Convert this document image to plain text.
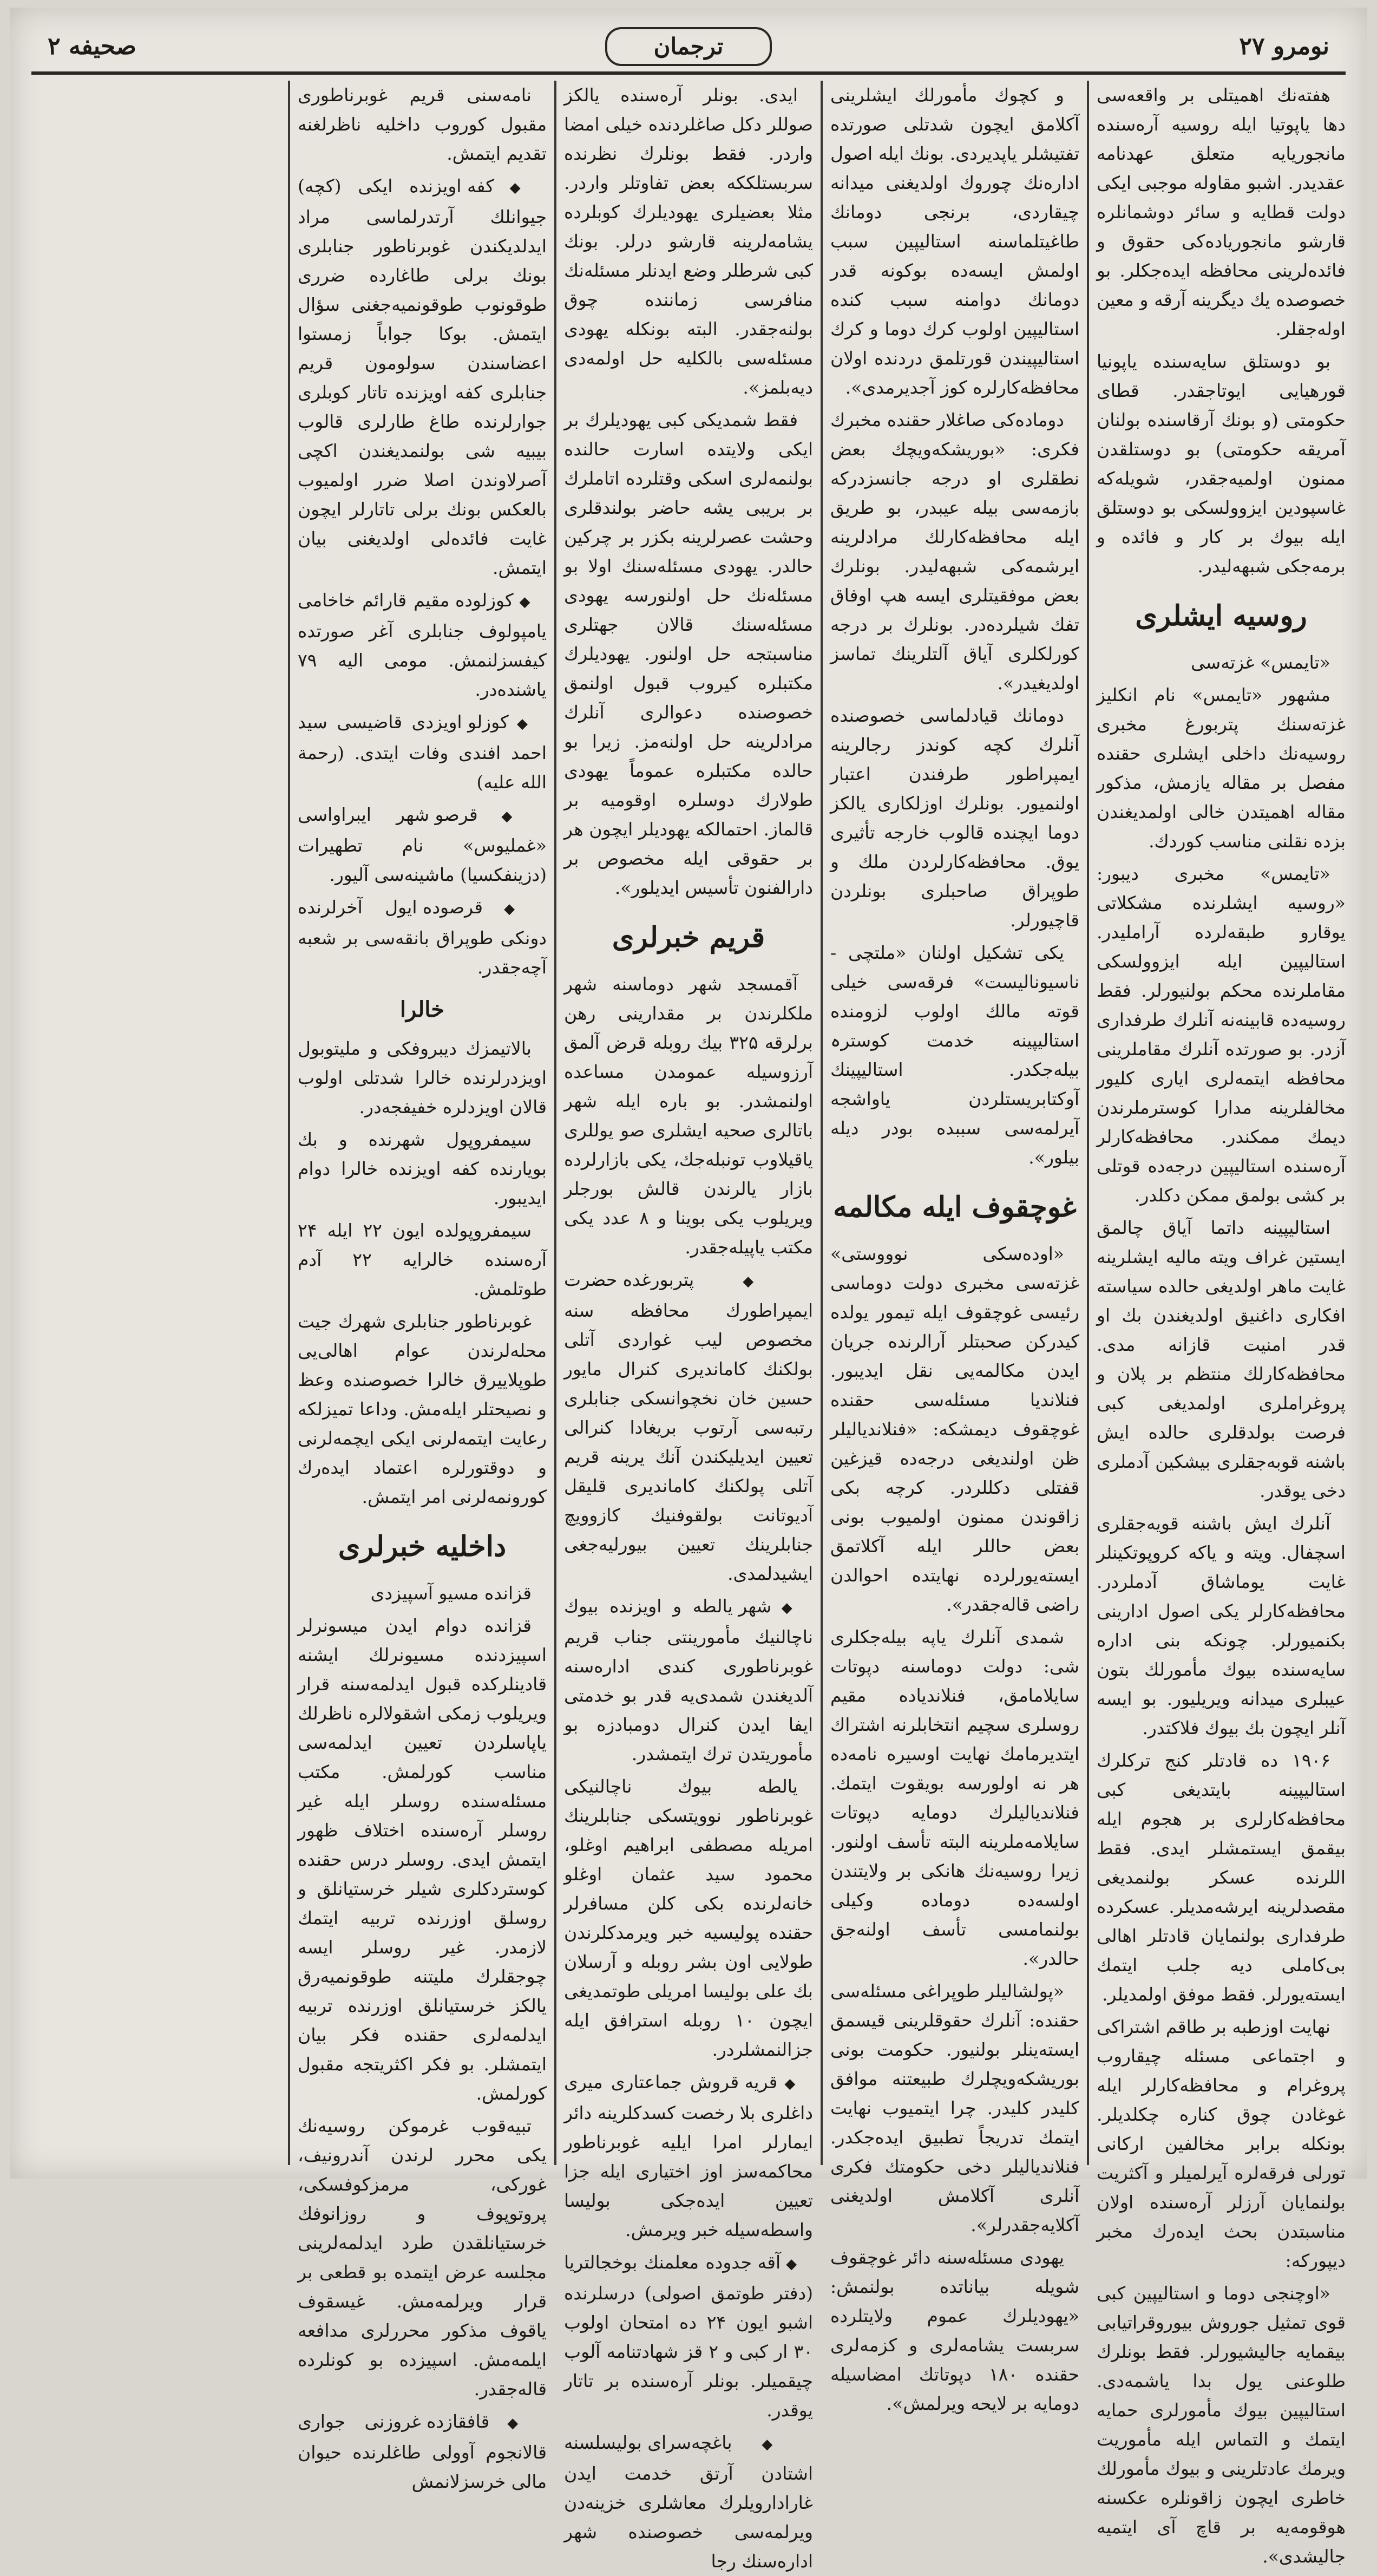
نومرو ۲۷
ترجمان
صحیفه ۲

هفته‌نك اهمیتلی بر واقعه‌سی دها یاپوتیا ایله روسیه آره‌سنده مانجوریایه متعلق عهدنامه عقدیدر. اشبو مقاوله موجبی ایکی دولت قطایه و سائر دوشمانلره قارشو مانجوریاده‌کی حقوق و فائده‌لرینی محافظه ایده‌جکلر. بو خصوصده یك دیگرینه آرقه و معین اوله‌جقلر.

بو دوستلق سایه‌سنده یاپونیا قورهیایی ایوتاجقدر. قطای حکومتی (و بونك آرقاسنده بولنان آمریقه حکومتی) بو دوستلقدن ممنون اولمیه‌جقدر، شویله‌که غاسپودین ایزوولسکی بو دوستلق ایله بیوك بر کار و فائده و برمه‌جکی شبهه‌لیدر.

روسیه ایشلری

«تایمس» غزته‌سی

مشهور «تایمس» نام انکلیز غزته‌سنك پتربورغ مخبری روسیه‌نك داخلی ایشلری حقنده مفصل بر مقاله یازمش، مذکور مقاله اهمیتدن خالی اولمدیغندن بزده نقلنی مناسب کوردك.

«تایمس» مخبری دیبور: «روسیه ایشلرنده مشکلاتی یوقارو طبقه‌لرده آراملیدر. استالیپین ایله ایزوولسکی مقاملرنده محکم بولنیورلر. فقط روسیه‌ده قابینه‌نه آنلرك طرفداری آزدر. بو صورتده آنلرك مقاملرینی محافظه ایتمه‌لری ایاری کلیور مخالفلرینه مدارا کوسترملرندن دیمك ممکندر. محافظه‌کارلر آره‌سنده استالیپین درجه‌ده قوتلی بر کشی بولمق ممکن دکلدر.

استالیپینه داتما آیاق چالمق ایستین غراف ویته ماليه ایشلرینه غایت ماهر اولدیغی حالده سیاسته افکاری داغنیق اولدیغندن بك او قدر امنیت قازانه مدی. محافظه‌کارلك منتظم بر پلان و پروغراملری اولمدیغی کبی فرصت بولدقلری حالده ایش باشنه قوبه‌جقلری بیشکین آدملری دخی یوقدر.

آنلرك ایش باشنه قویه‌جقلری اسچفال. ویته و یاکه کروپوتکینلر غایت یوماشاق آدملردر. محافظه‌کارلر یکی اصول ادارینی بکنمیورلر. چونکه بنی اداره سایه‌سنده بیوك مأمورلك بتون عیبلری میدانه ویریلیور. بو ایسه آنلر ایچون بك بیوك فلاکتدر.

۱۹۰۶ ده قادتلر کنج ترکلرك استالیپینه بایتدیغی کبی محافظه‌کارلری بر هجوم ایله بیقمق ایستمشلر ایدی. فقط اللرنده عسکر بولنمدیغی مقصدلرینه ایرشه‌مدیلر. عسکرده طرفداری بولنمایان قادتلر اهالی بی‌کاملی دیه جلب ایتمك ایسته‌یورلر. فقط موفق اولمدیلر.

نهایت اوزطبه بر طاقم اشتراکی و اجتماعی مسئله چیقاروب پروغرام و محافظه‌کارلر ایله غوغادن چوق کناره چکلدیلر. بونکله برابر مخالفین ارکانی تورلی فرقه‌لره آیرلمیلر و آکثریت بولنمایان آرزلر آره‌سنده اولان مناسبتدن بحث ایده‌رك مخبر دیپورکه:

«اوچنجی دوما و استالیپین کبی قوی تمثیل جوروش بیوروقراتیابی بیقمایه جالیشیورلر. فقط بونلرك طلوعنی یول بدا یاشمه‌دی. استالیپین بیوك مأمورلری حمایه ایتمك و التماس ایله مأموریت ویرمك عادتلرینی و بیوك مأمورلك خاطری ایچون زاقونلره عکسنه هوقومه‌یه بر قاچ آی ایتمیه جالیشدی».

و کچوك مأمورلك ایشلرینی آکلامق ایچون شدتلی صورتده تفتیشلر یاپدیردی. بونك ایله اصول اداره‌نك چوروك اولدیغنی میدانه چیقاردی، برنجی دومانك طاغیتلماسنه استالیپین سبب اولمش ایسه‌ده بوکونه قدر دومانك دوامنه سبب کنده استالیپین اولوب کرك دوما و کرك استالیپیندن قورتلمق دردنده اولان محافظه‌کارلره کوز آجدیرمدی».

دوماده‌کی صاغلار حقنده مخبرك فکری: «بوریشکه‌ویچك بعض نطقلری او درجه جانسزدرکه بازمه‌سی بیله عیبدر، بو طریق ایله محافظه‌کارلك مرادلرینه ایرشمه‌کی شبهه‌لیدر. بونلرك بعض موفقیتلری ایسه هپ اوفاق تفك شیلرده‌در. بونلرك بر درجه کورلکلری آیاق آلتلرینك تماسز اولدیغیدر».

دومانك قیادلماسی خصوصنده آنلرك کچه کوندز رجالرینه ایمپراطور طرفندن اعتبار اولنمیور. بونلرك اوزلکاری یالکز دوما ایچنده قالوب خارجه تأثیری یوق. محافظه‌کارلردن ملك و طوپراق صاحبلری بونلردن قاچیورلر.

یکی تشکیل اولنان «ملتچی - ناسیونالیست» فرقه‌سی خیلی قوته مالك اولوب لزومنده استالیپینه خدمت کوسترہ بیله‌جکدر. استالیپینك آوکتابریستلردن یاواشجه آیرلمه‌سی سببده بودر دیله بیلور».

غوچقوف ایله مکالمه

«اوده‌سکی نوووستی» غزته‌سی مخبری دولت دوماسی رئیسی غوچقوف ایله تیمور یولده کیدرکن صحبتلر آرالرنده جریان ایدن مکالمه‌یی نقل ایدیبور. فنلاندیا مسئله‌سی حقنده غوچقوف دیمشکه: «فنلاندیالیلر ظن اولندیغی درجه‌ده قیزغین قفتلی دکللردر. کرچه بکی زاقوندن ممنون اولمیوب بونی بعض حاللر ایله آکلاتمق ایسته‌یورلرده نهایتده احوالدن راضی قاله‌جقدر».

شمدی آنلرك یاپه بیله‌جکلری شی: دولت دوماسنه دپوتات سایلامامق، فنلاندیاده مقیم روسلری سچیم انتخابلرنه اشتراك ایتدیرمامك نهایت اوسیره نامه‌ده هر نه اولورسه بویقوت ایتمك. فنلاندیالیلرك دوما‌یه دپوتات سایلامه‌ملرینه البته تأسف اولنور. زیرا روسیه‌نك هانکی بر ولایتندن اولسه‌ده دوماده وکیلی بولنمامسی تأسف اولنه‌جق حالدر».

«پولشالیلر طوپراغی مسئله‌سی حقنده: آنلرك حقوقلرینی قیسمق ایسته‌ینلر بولنیور. حکومت بونی بوریشکه‌ویچلرك طبیعتنه موافق کلیدر کلیدر. چرا ایتمیوب نهایت ایتمك تدریجاً تطبیق ایده‌جکدر. فنلاندیالیلر دخی حکومتك فکری آنلری آکلامش اولدیغنی آکلایه‌جقدرلر».

یهودی مسئله‌سنه دائر غوچقوف شویله بیاناتده بولنمش: «یهودیلرك عموم ولایتلرده سربست یشامه‌لری و کزمه‌لری حقنده ۱۸۰ دپوتاتك امضاسیله دومایه بر لایحه ویرلمش».

ایدی. بونلر آره‌سنده یالکز صوللر دکل صاغلردنده خیلی امضا واردر. فقط بونلرك نظرنده سربستلککه بعض تفاوتلر واردر. مثلا بعضیلری یهودیلرك کوبلرده یشامه‌لرینه قارشو درلر. بونك کبی شرطلر وضع ایدنلر مسئله‌نك منافرسی زماننده چوق بولنه‌جقدر. البته بونکله یهودی مسئله‌سی بالکلیه حل اولمه‌دی دیه‌بلمز».

فقط شمدیکی کبی یهودیلرك بر ایکی ولایتده اسارت حالنده بولنمه‌لری اسکی وقتلرده اتاملرك بر بریبی یشه حاضر بولندقلری وحشت عصرلرینه بکزر بر چرکین حالدر. یهودی مسئله‌سنك اولا بو مسئله‌نك حل اولنورسه یهودی مسئله‌سنك قالان جهتلری مناسبتجه حل اولنور. یهودیلرك مکتبلره کیروب قبول اولنمق خصوصنده دعوالری آنلرك مرادلرینه حل اولنه‌مز. زیرا بو حالده مکتبلره عموماً یهودی طولارك دوسلره اوقومیه بر قالماز. احتمالکه یهودیلر ایچون هر بر حقوقی ایله مخصوص بر دارالفنون تأسیس ایدیلور».

قریم خبرلری

آقمسجد شهر دوماسنه شهر ملکلرندن بر مقدارینی رهن برلرقه ۳۲۵ بیك روبله قرض آلمق آرزوسیله عمومدن مساعده اولنمشدر. بو باره ایله شهر باتالری صحیه ایشلری صو یوللری یاقیلاوب تونبله‌جك، یکی بازارلرده بازار یالرندن قالش بورجلر ویریلوب یکی بوینا و ۸ عدد یکی مکتب یاپیله‌جقدر.

◆ پتربورغده حضرت ایمپراطورك محافظه سنه مخصوص لیب غواردی آتلی بولکنك کاماندیری کنرال مایور حسین خان نخچوانسکی جنابلری رتبه‌سی آرتوب بریغادا کنرالی تعیین ایدیلیکندن آنك یرینه قریم آتلی پولکنك کاماندیری قلیقل آدیوتانت بولقوفنیك کازوویچ جنابلرینك تعیین بیورلیه‌جغی ایشیدلمدی.

◆ شهر یالطه و اویزنده بیوك ناچالنیك مأمورینتی جناب قریم غوبرناطوری کندی اداره‌سنه آلدیغندن شمدی‌یه قدر بو خدمتی ایفا ایدن کنرال دومبادزه بو مأموریتدن ترك ایتمشدر.

یالطه بیوك ناچالنیکی غوبرناطور نوویتسکی جنابلرینك امریله مصطفی ابراهیم اوغلو، محمود سید عثمان اوغلو خانه‌لرنده بکی کلن مسافرلر حقنده پولیسیه خبر ویرمدکلرندن طولایی اون بشر روبله و آرسلان بك علی بولیسا امریلی طوتمدیغی ایچون ۱۰ روبله استرافق ایله جزالنمشلردر.

◆ قریه قروش جماعتاری میری داغلری بلا رخصت کسدکلرینه دائر ایمارلر امرا ایلیه غوبرناطور محاکمه‌سز اوز اختیاری ایله جزا تعیین ایده‌جکی بولیسا واسطه‌سیله خبر ویرمش.

◆ آقه جدوده معلمنك بوخجالتریا (دفتر طوتمق اصولی) درسلرنده اشبو ایون ۲۴ ده امتحان اولوب ۳۰ ار کبی و ۲ قز شهادتنامه آلوب چیقمیلر. بونلر آره‌سنده بر تاتار یوقدر.

◆ باغچه‌سرای بولیسلسنه اشتادن آرتق خدمت ایدن غارادارویلرك معاشلری خزینه‌دن ویرلمه‌سی خصوصنده شهر اداره‌سنك رجا

نامه‌سنی قریم غوبرناطوری مقبول کوروب داخلیه ناظرلغنه تقدیم ایتمش.

◆ کفه اویزنده ایکی (کچه) جیوانلك آرتدرلماسی مراد ایدلدیکندن غوبرناطور جنابلری بونك برلی طاغارده ضرری طوقونوب طوقونمیه‌جغنی سؤال ایتمش. بوکا جواباً زمستوا اعضاسندن سولومون قریم جنابلری کفه اویزنده تاتار کوبلری جوارلرنده طاغ طارلری قالوب بیبیه شی بولنمدیغندن اکچی آصرلاوندن اصلا ضرر اولمیوب بالعکس بونك برلی تاتارلر ایچون غایت فائده‌لی اولدیغنی بیان ایتمش.

◆ کوزلوده مقیم قارائم خاخامی یامپولوف جنابلری آغر صورتده کیفسزلنمش. مومی الیه ۷۹ یاشنده‌در.

◆ کوزلو اویزدی قاضیسی سید احمد افندی وفات ایتدی. (رحمة الله علیه)

◆ قرصو شهر ایبراواسی «غملیوس» نام تطهیرات (دزینفکسیا) ماشینه‌سی آلیور.

◆ قرصوده ایول آخرلرنده دونکی طوپراق بانقه‌سی بر شعبه آچه‌جقدر.

خالرا

بالاتیمزك دیبروفکی و ملیتوبول اویزدرلرنده خالرا شدتلی اولوب قالان اویزدلره خفیفجه‌در.

سیمفروپول شهرنده و بك بویارنده کفه اویزنده خالرا دوام ایدیبور.

سیمفروپولده ایون ۲۲ ایله ۲۴ آره‌سنده خالرایه ۲۲ آدم طوتلمش.

غوبرناطور جنابلری شهرك جیت محلەلرندن عوام اهالی‌یی طوپلاییرق خالرا خصوصنده وعظ و نصیحتلر ایله‌مش. وداعا تمیزلکه رعایت ایتمه‌لرنی ایکی ایچمه‌لرنی و دوقتورلره اعتماد ایده‌رك کورونمه‌لرنی امر ایتمش.

داخلیه خبرلری

قزانده مسیو آسپیزدی

قزانده دوام ایدن میسونرلر اسپیزدنده مسیونرلك ایشنه قادینلرکده قبول ایدلمه‌سنه قرار ویریلوب زمکی اشقولالره ناظرلك یاپاسلردن تعیین ایدلمه‌سی مناسب کورلمش. مکتب مسئله‌سنده روسلر ایله غیر روسلر آره‌سنده اختلاف ظهور ایتمش ایدی. روسلر درس حقنده کوستردکلری شیلر خرستیانلق و روسلق اوزرنده تربیه ایتمك لازمدر. غیر روسلر ایسه چوجقلرك ملیتنه طوقونمیه‌رق یالکز خرستیانلق اوزرنده تربیه ایدلمه‌لری حقنده فکر بیان ایتمشلر. بو فکر اکثریتجه مقبول کورلمش.

تبیه‌قوب غرموکن روسیه‌نك یکی محرر لرندن آندرونیف، غورکی، مرمزکوفسکی، پروتوپوف و روزانوفك خرستیانلقدن طرد ایدلمه‌لرینی مجلسه عرض ایتمده بو قطعی بر قرار ویرلمه‌مش. غیسقوف یاقوف مذکور محررلری مدافعه ایلمه‌مش. اسپیزده بو کونلرده قاله‌جقدر.

◆ قافقازده غروزنی جواری قالانجوم آوولی طاغلرنده حیوان مالی خرسزلانمش
